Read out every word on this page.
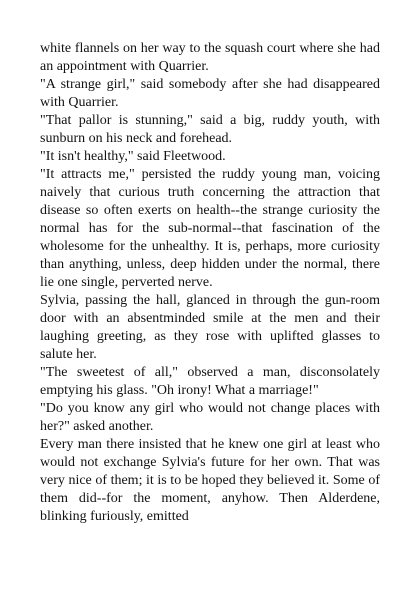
white flannels on her way to the squash court where she had an appointment with Quarrier.

"A strange girl," said somebody after she had disappeared with Quarrier.

"That pallor is stunning," said a big, ruddy youth, with sunburn on his neck and forehead.

"It isn't healthy," said Fleetwood.

"It attracts me," persisted the ruddy young man, voicing naively that curious truth concerning the attraction that disease so often exerts on health--the strange curiosity the normal has for the sub-normal--that fascination of the wholesome for the unhealthy. It is, perhaps, more curiosity than anything, unless, deep hidden under the normal, there lie one single, perverted nerve.

Sylvia, passing the hall, glanced in through the gun-room door with an absentminded smile at the men and their laughing greeting, as they rose with uplifted glasses to salute her.

"The sweetest of all," observed a man, disconsolately emptying his glass. "Oh irony! What a marriage!"

"Do you know any girl who would not change places with her?" asked another.

Every man there insisted that he knew one girl at least who would not exchange Sylvia's future for her own. That was very nice of them; it is to be hoped they believed it. Some of them did--for the moment, anyhow. Then Alderdene, blinking furiously, emitted
